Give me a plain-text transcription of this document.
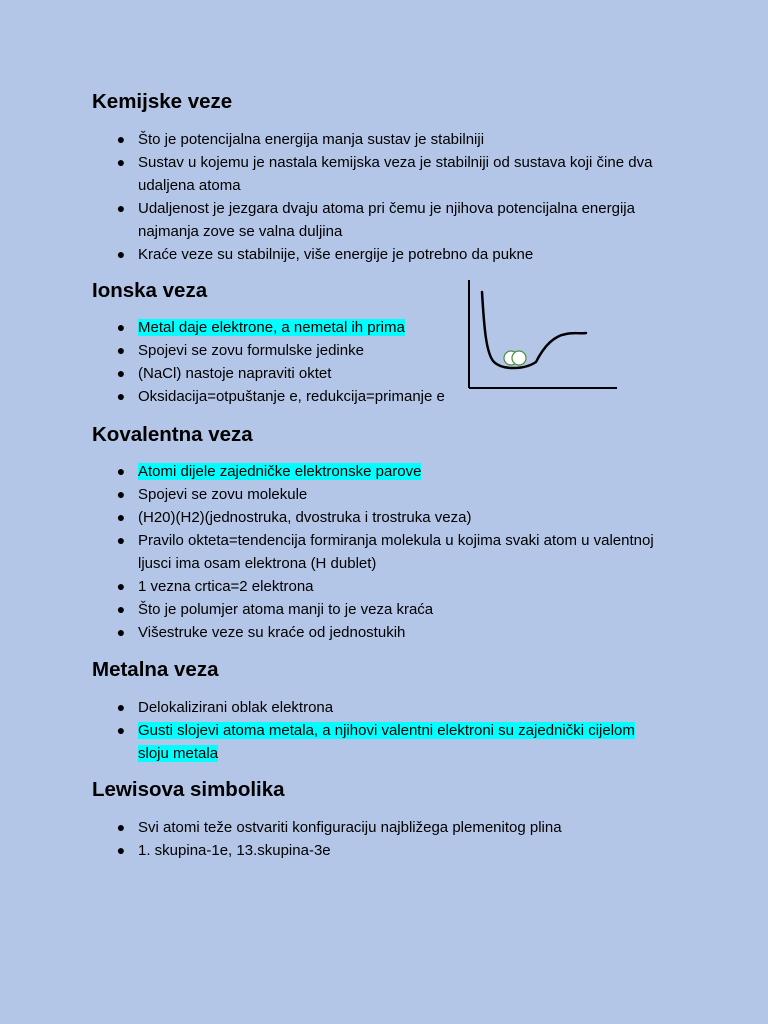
Kemijske veze
● Što je potencijalna energija manja sustav je stabilniji
● Sustav u kojemu je nastala kemijska veza je stabilniji od sustava koji čine dva udaljena atoma
● Udaljenost je jezgara dvaju atoma pri čemu je njihova potencijalna energija najmanja zove se valna duljina
● Kraće veze su stabilnije, više energije je potrebno da pukne
Ionska veza
● Metal daje elektrone, a nemetal ih prima
● Spojevi se zovu formulske jedinke
● (NaCl) nastoje napraviti oktet
● Oksidacija=otpuštanje e, redukcija=primanje e
Kovalentna veza
● Atomi dijele zajedničke elektronske parove
● Spojevi se zovu molekule
● (H20)(H2)(jednostruka, dvostruka i trostruka veza)
● Pravilo okteta=tendencija formiranja molekula u kojima svaki atom u valentnoj ljusci ima osam elektrona (H dublet)
● 1 vezna crtica=2 elektrona
● Što je polumjer atoma manji to je veza kraća
● Višestruke veze su kraće od jednostukih
Metalna veza
● Delokalizirani oblak elektrona
● Gusti slojevi atoma metala, a njihovi valentni elektroni su zajednički cijelom sloju metala
Lewisova simbolika
● Svi atomi teže ostvariti konfiguraciju najbližega plemenitog plina
● 1. skupina-1e, 13.skupina-3e
